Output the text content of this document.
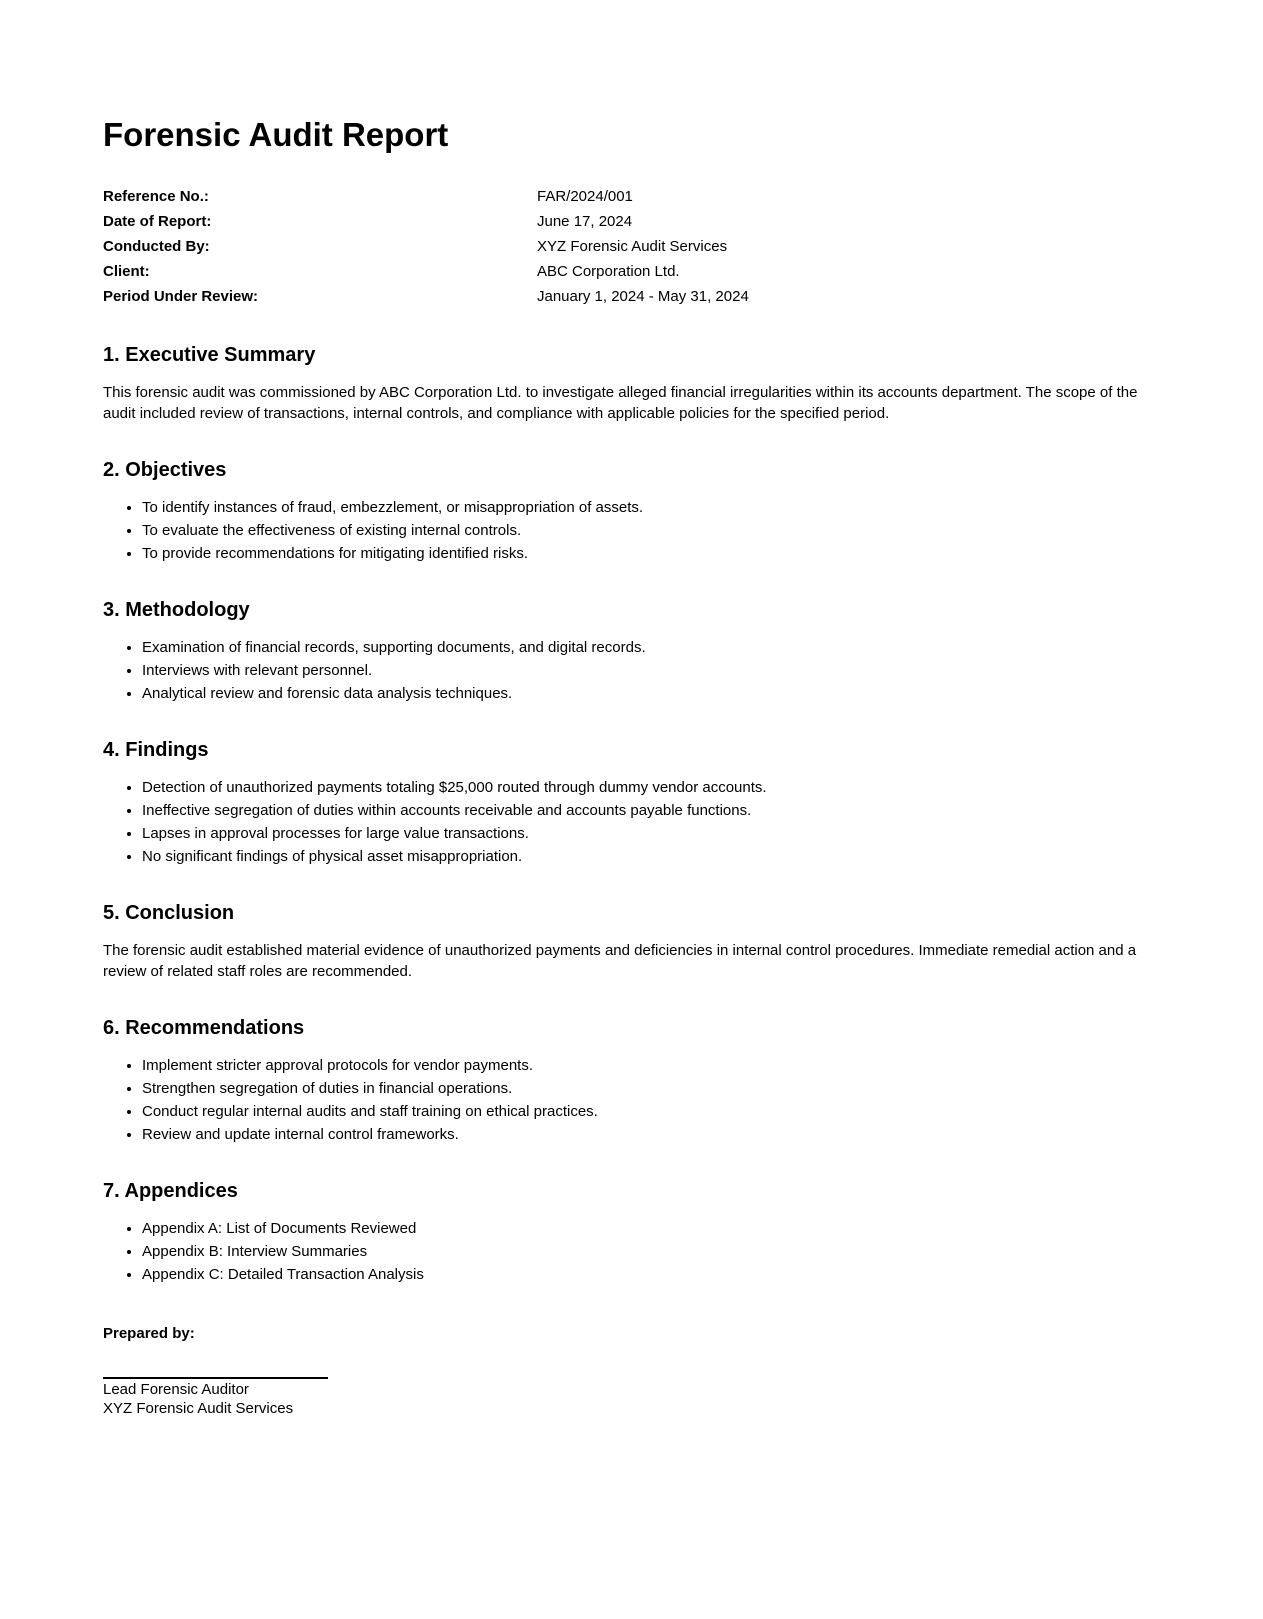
Forensic Audit Report
Reference No.:	FAR/2024/001
Date of Report:	June 17, 2024
Conducted By:	XYZ Forensic Audit Services
Client:	ABC Corporation Ltd.
Period Under Review:	January 1, 2024 - May 31, 2024
1. Executive Summary

This forensic audit was commissioned by ABC Corporation Ltd. to investigate alleged financial irregularities within its accounts department. The scope of the audit included review of transactions, internal controls, and compliance with applicable policies for the specified period.

2. Objectives
• To identify instances of fraud, embezzlement, or misappropriation of assets.
• To evaluate the effectiveness of existing internal controls.
• To provide recommendations for mitigating identified risks.
3. Methodology
• Examination of financial records, supporting documents, and digital records.
• Interviews with relevant personnel.
• Analytical review and forensic data analysis techniques.
4. Findings
• Detection of unauthorized payments totaling $25,000 routed through dummy vendor accounts.
• Ineffective segregation of duties within accounts receivable and accounts payable functions.
• Lapses in approval processes for large value transactions.
• No significant findings of physical asset misappropriation.
5. Conclusion

The forensic audit established material evidence of unauthorized payments and deficiencies in internal control procedures. Immediate remedial action and a review of related staff roles are recommended.

6. Recommendations
• Implement stricter approval protocols for vendor payments.
• Strengthen segregation of duties in financial operations.
• Conduct regular internal audits and staff training on ethical practices.
• Review and update internal control frameworks.
7. Appendices
• Appendix A: List of Documents Reviewed
• Appendix B: Interview Summaries
• Appendix C: Detailed Transaction Analysis

Prepared by:

Lead Forensic Auditor
XYZ Forensic Audit Services
